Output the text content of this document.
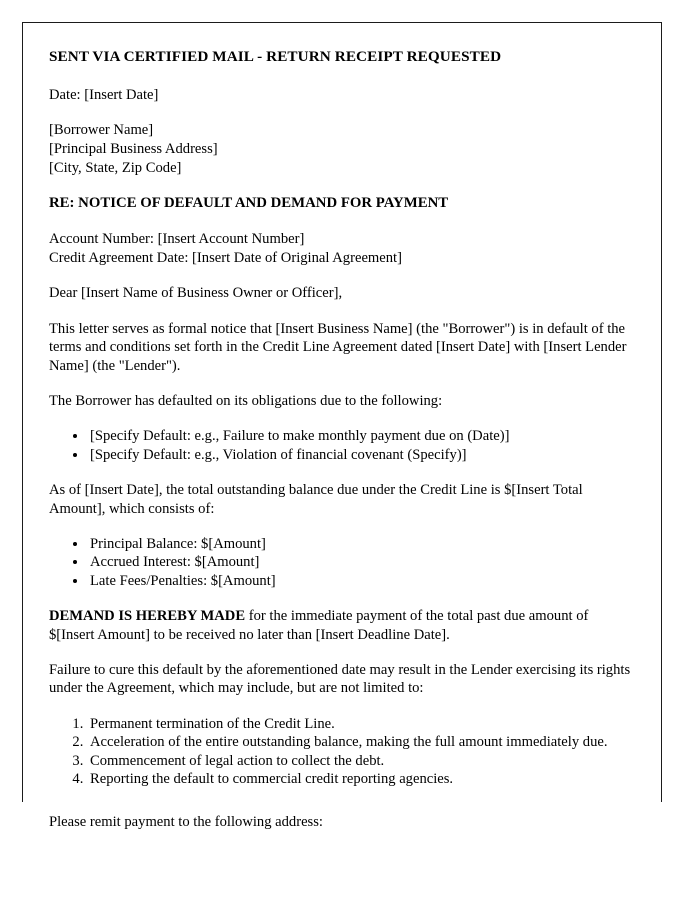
SENT VIA CERTIFIED MAIL - RETURN RECEIPT REQUESTED
Date: [Insert Date]
[Borrower Name]
[Principal Business Address]
[City, State, Zip Code]
RE: NOTICE OF DEFAULT AND DEMAND FOR PAYMENT
Account Number: [Insert Account Number]
Credit Agreement Date: [Insert Date of Original Agreement]
Dear [Insert Name of Business Owner or Officer],
This letter serves as formal notice that [Insert Business Name] (the "Borrower") is in default of the terms and conditions set forth in the Credit Line Agreement dated [Insert Date] with [Insert Lender Name] (the "Lender").
The Borrower has defaulted on its obligations due to the following:
• [Specify Default: e.g., Failure to make monthly payment due on (Date)]
• [Specify Default: e.g., Violation of financial covenant (Specify)]
As of [Insert Date], the total outstanding balance due under the Credit Line is $[Insert Total Amount], which consists of:
• Principal Balance: $[Amount]
• Accrued Interest: $[Amount]
• Late Fees/Penalties: $[Amount]
DEMAND IS HEREBY MADE for the immediate payment of the total past due amount of $[Insert Amount] to be received no later than [Insert Deadline Date].
Failure to cure this default by the aforementioned date may result in the Lender exercising its rights under the Agreement, which may include, but are not limited to:
1. Permanent termination of the Credit Line.
2. Acceleration of the entire outstanding balance, making the full amount immediately due.
3. Commencement of legal action to collect the debt.
4. Reporting the default to commercial credit reporting agencies.
Please remit payment to the following address:
